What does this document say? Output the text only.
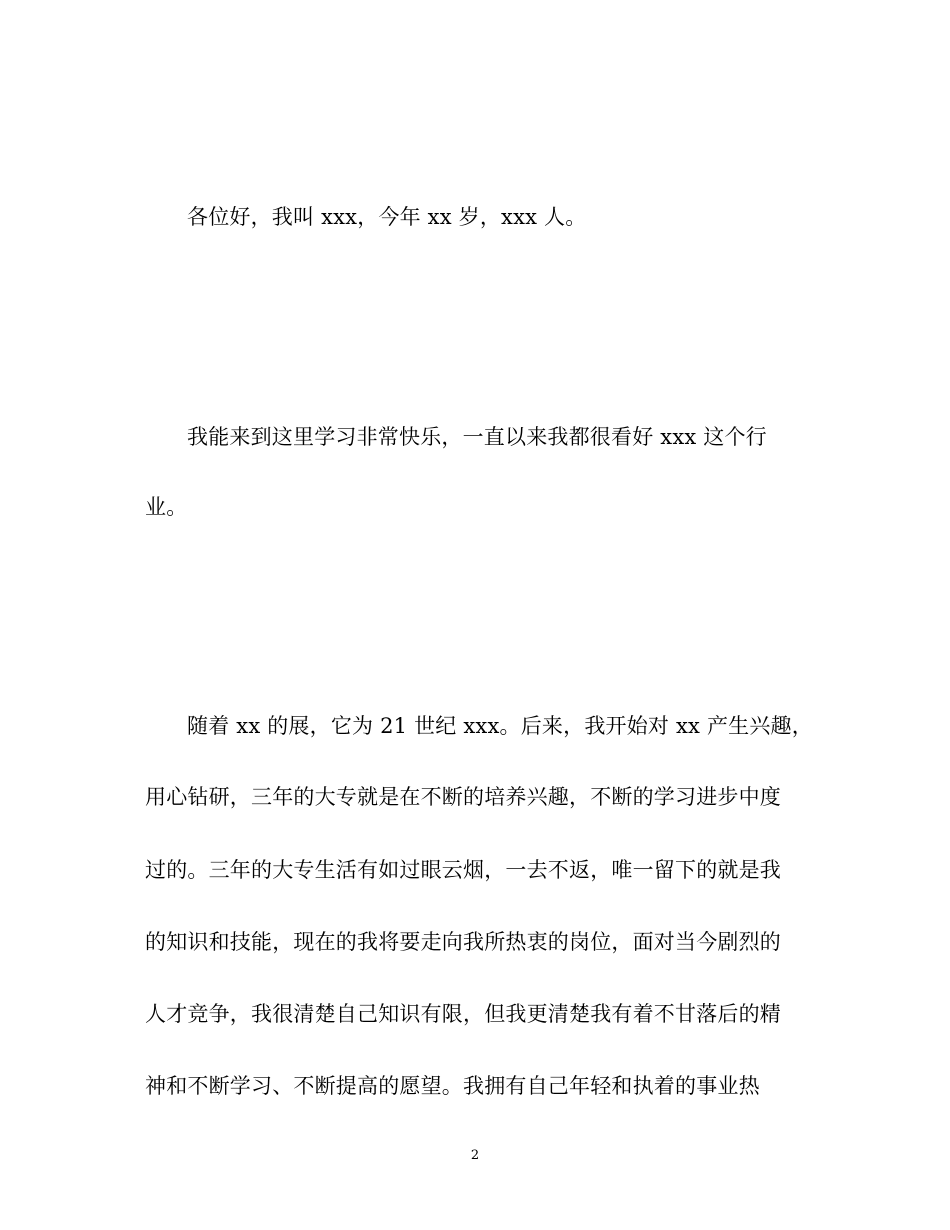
各位好，我叫 xxx，今年 xx 岁，xxx 人。
我能来到这里学习非常快乐，一直以来我都很看好 xxx 这个行
业。
随着 xx 的展，它为 21 世纪 xxx。后来，我开始对 xx 产生兴趣，
用心钻研，三年的大专就是在不断的培养兴趣，不断的学习进步中度
过的。三年的大专生活有如过眼云烟，一去不返，唯一留下的就是我
的知识和技能，现在的我将要走向我所热衷的岗位，面对当今剧烈的
人才竞争，我很清楚自己知识有限，但我更清楚我有着不甘落后的精
神和不断学习、不断提高的愿望。我拥有自己年轻和执着的事业热
2
